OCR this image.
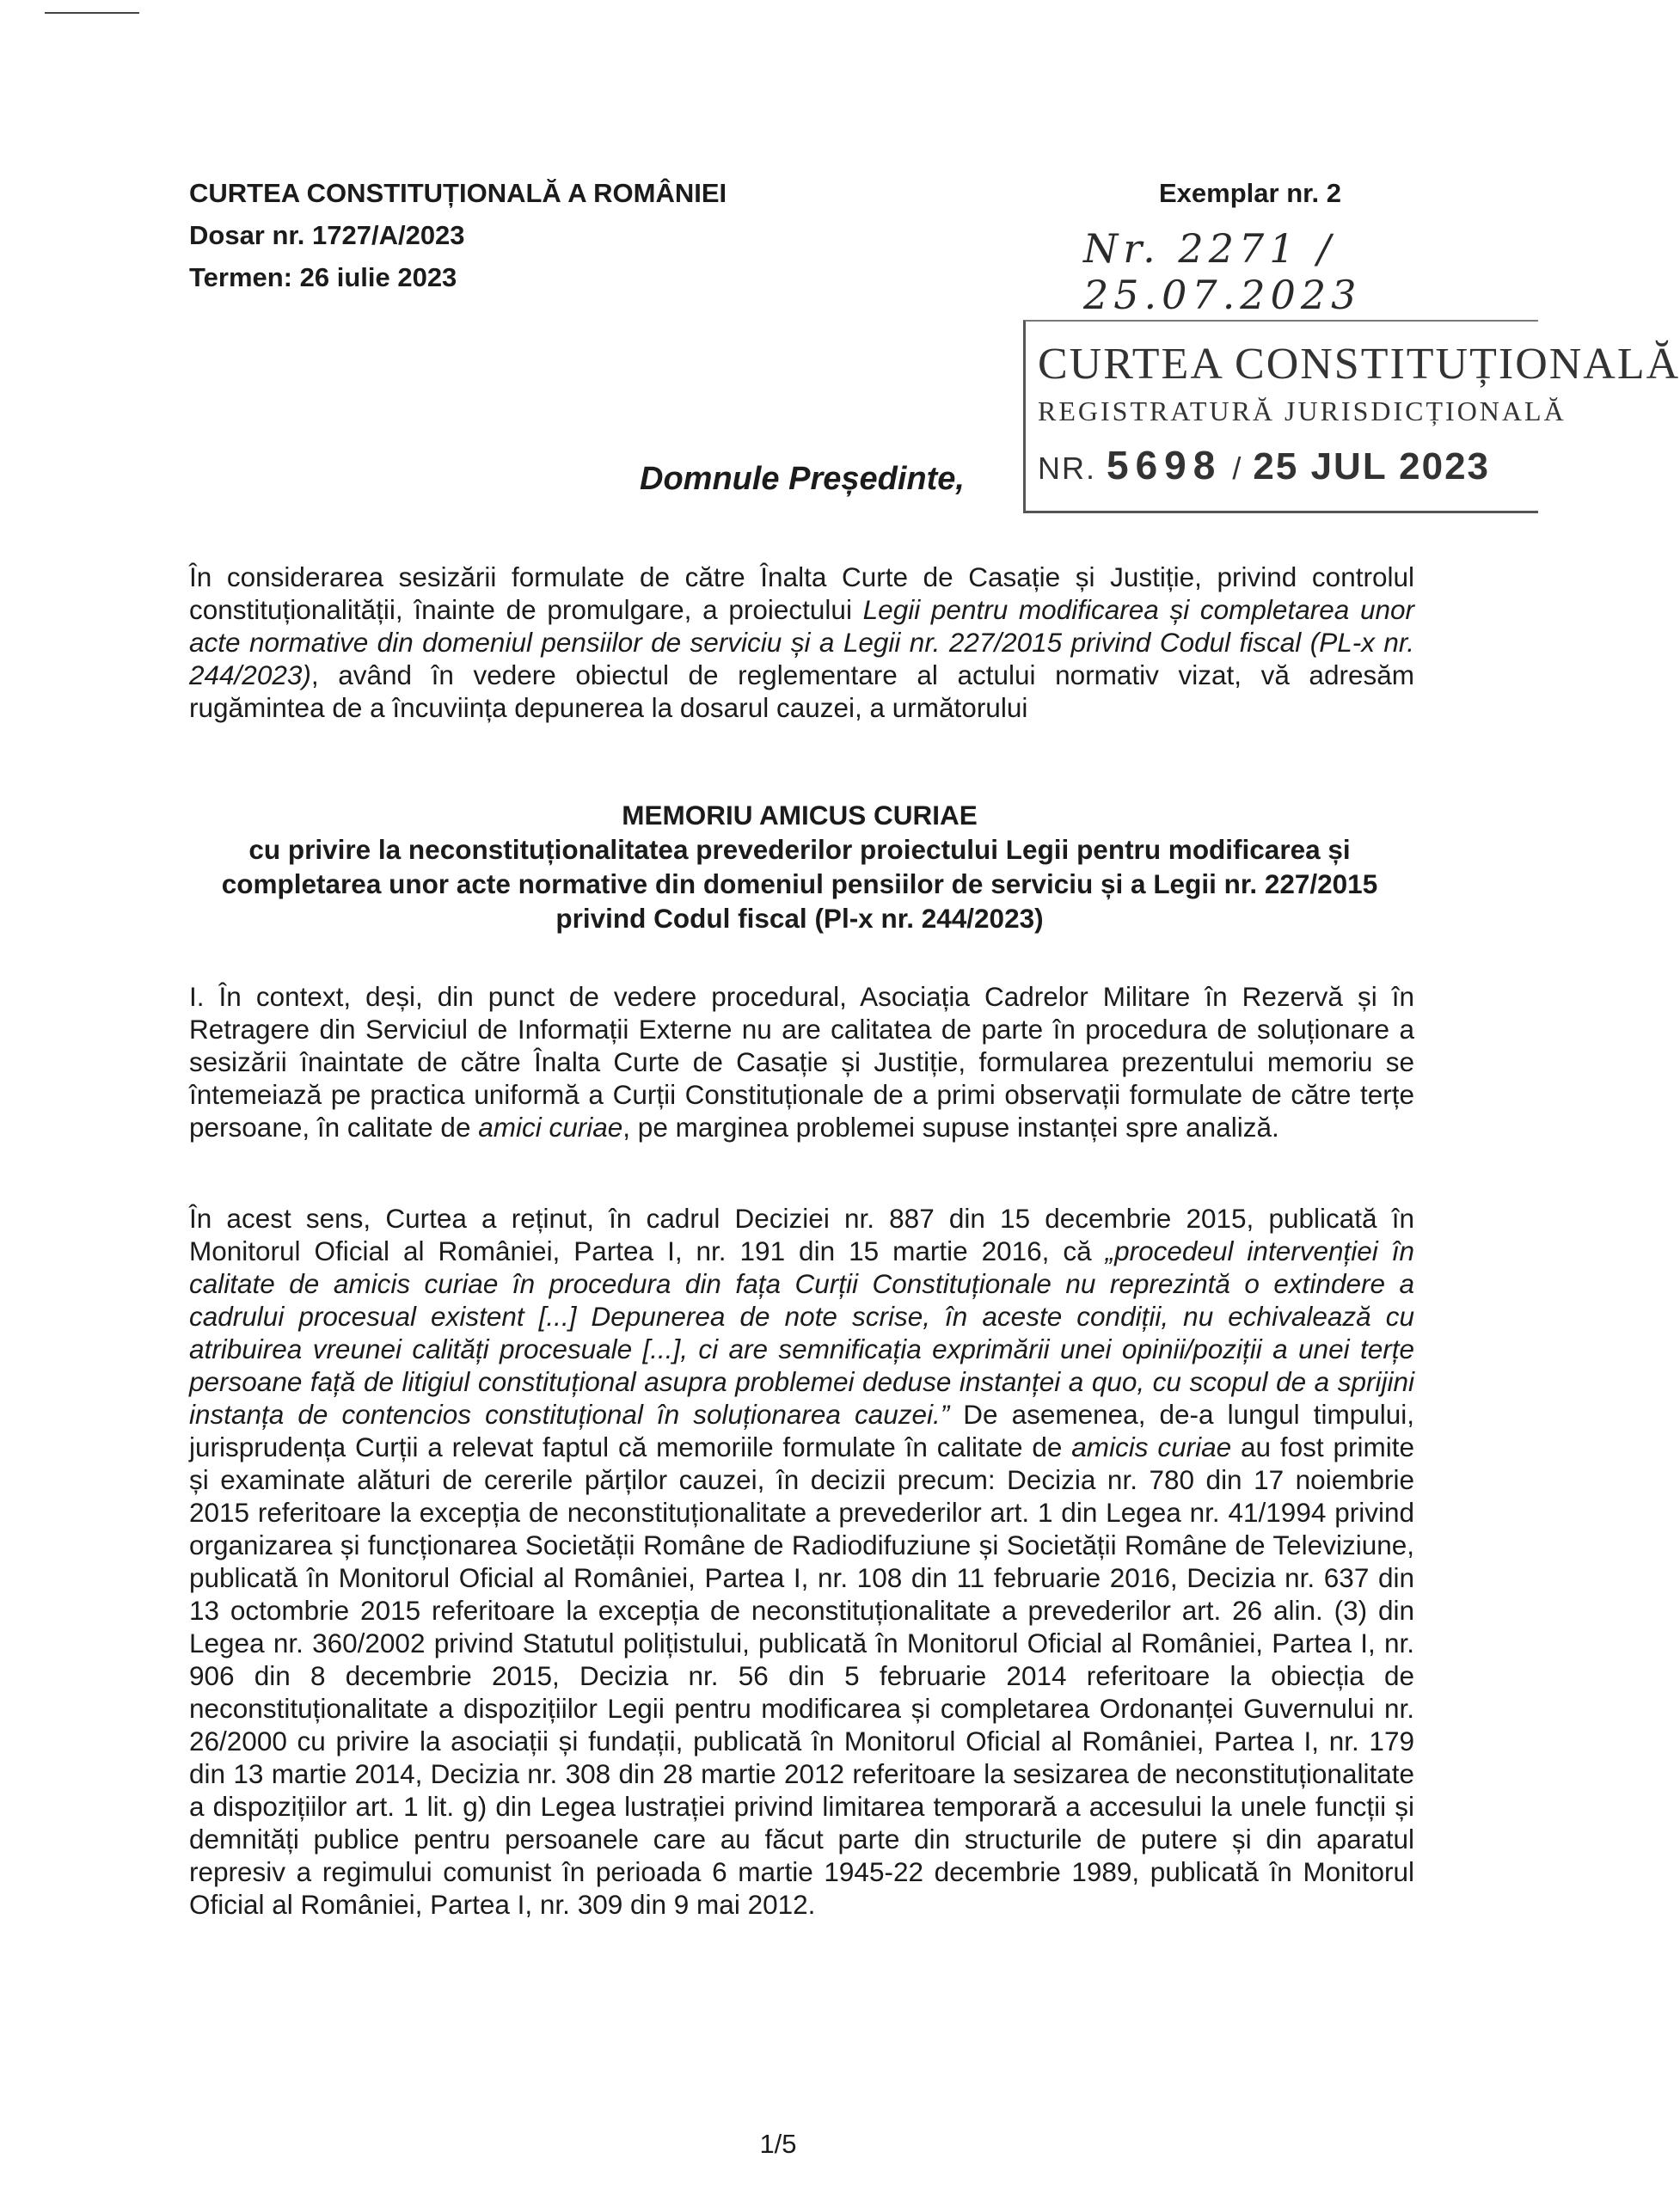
CURTEA CONSTITUȚIONALĂ A ROMÂNIEI
Dosar nr. 1727/A/2023
Termen: 26 iulie 2023
Exemplar nr. 2
Nr. 2271 / 25.07.2023
CURTEA CONSTITUȚIONALĂ
REGISTRATURĂ JURISDICȚIONALĂ
NR. 5698 / 25 JUL 2023
Domnule Președinte,
În considerarea sesizării formulate de către Înalta Curte de Casație și Justiție, privind controlul constituționalității, înainte de promulgare, a proiectului Legii pentru modificarea și completarea unor acte normative din domeniul pensiilor de serviciu și a Legii nr. 227/2015 privind Codul fiscal (PL-x nr. 244/2023), având în vedere obiectul de reglementare al actului normativ vizat, vă adresăm rugămintea de a încuviința depunerea la dosarul cauzei, a următorului
MEMORIU AMICUS CURIAE
cu privire la neconstituționalitatea prevederilor proiectului Legii pentru modificarea și completarea unor acte normative din domeniul pensiilor de serviciu și a Legii nr. 227/2015 privind Codul fiscal (Pl-x nr. 244/2023)
I. În context, deși, din punct de vedere procedural, Asociația Cadrelor Militare în Rezervă și în Retragere din Serviciul de Informații Externe nu are calitatea de parte în procedura de soluționare a sesizării înaintate de către Înalta Curte de Casație și Justiție, formularea prezentului memoriu se întemeiază pe practica uniformă a Curții Constituționale de a primi observații formulate de către terțe persoane, în calitate de amici curiae, pe marginea problemei supuse instanței spre analiză.
În acest sens, Curtea a reținut, în cadrul Deciziei nr. 887 din 15 decembrie 2015, publicată în Monitorul Oficial al României, Partea I, nr. 191 din 15 martie 2016, că „procedeul intervenției în calitate de amicis curiae în procedura din fața Curții Constituționale nu reprezintă o extindere a cadrului procesual existent [...] Depunerea de note scrise, în aceste condiții, nu echivalează cu atribuirea vreunei calități procesuale [...], ci are semnificația exprimării unei opinii/poziții a unei terțe persoane față de litigiul constituțional asupra problemei deduse instanței a quo, cu scopul de a sprijini instanța de contencios constituțional în soluționarea cauzei.” De asemenea, de-a lungul timpului, jurisprudența Curții a relevat faptul că memoriile formulate în calitate de amicis curiae au fost primite și examinate alături de cererile părților cauzei, în decizii precum: Decizia nr. 780 din 17 noiembrie 2015 referitoare la excepția de neconstituționalitate a prevederilor art. 1 din Legea nr. 41/1994 privind organizarea și funcționarea Societății Române de Radiodifuziune și Societății Române de Televiziune, publicată în Monitorul Oficial al României, Partea I, nr. 108 din 11 februarie 2016, Decizia nr. 637 din 13 octombrie 2015 referitoare la excepția de neconstituționalitate a prevederilor art. 26 alin. (3) din Legea nr. 360/2002 privind Statutul polițistului, publicată în Monitorul Oficial al României, Partea I, nr. 906 din 8 decembrie 2015, Decizia nr. 56 din 5 februarie 2014 referitoare la obiecția de neconstituționalitate a dispozițiilor Legii pentru modificarea și completarea Ordonanței Guvernului nr. 26/2000 cu privire la asociații și fundații, publicată în Monitorul Oficial al României, Partea I, nr. 179 din 13 martie 2014, Decizia nr. 308 din 28 martie 2012 referitoare la sesizarea de neconstituționalitate a dispozițiilor art. 1 lit. g) din Legea lustrației privind limitarea temporară a accesului la unele funcții și demnități publice pentru persoanele care au făcut parte din structurile de putere și din aparatul represiv a regimului comunist în perioada 6 martie 1945-22 decembrie 1989, publicată în Monitorul Oficial al României, Partea I, nr. 309 din 9 mai 2012.
1/5
